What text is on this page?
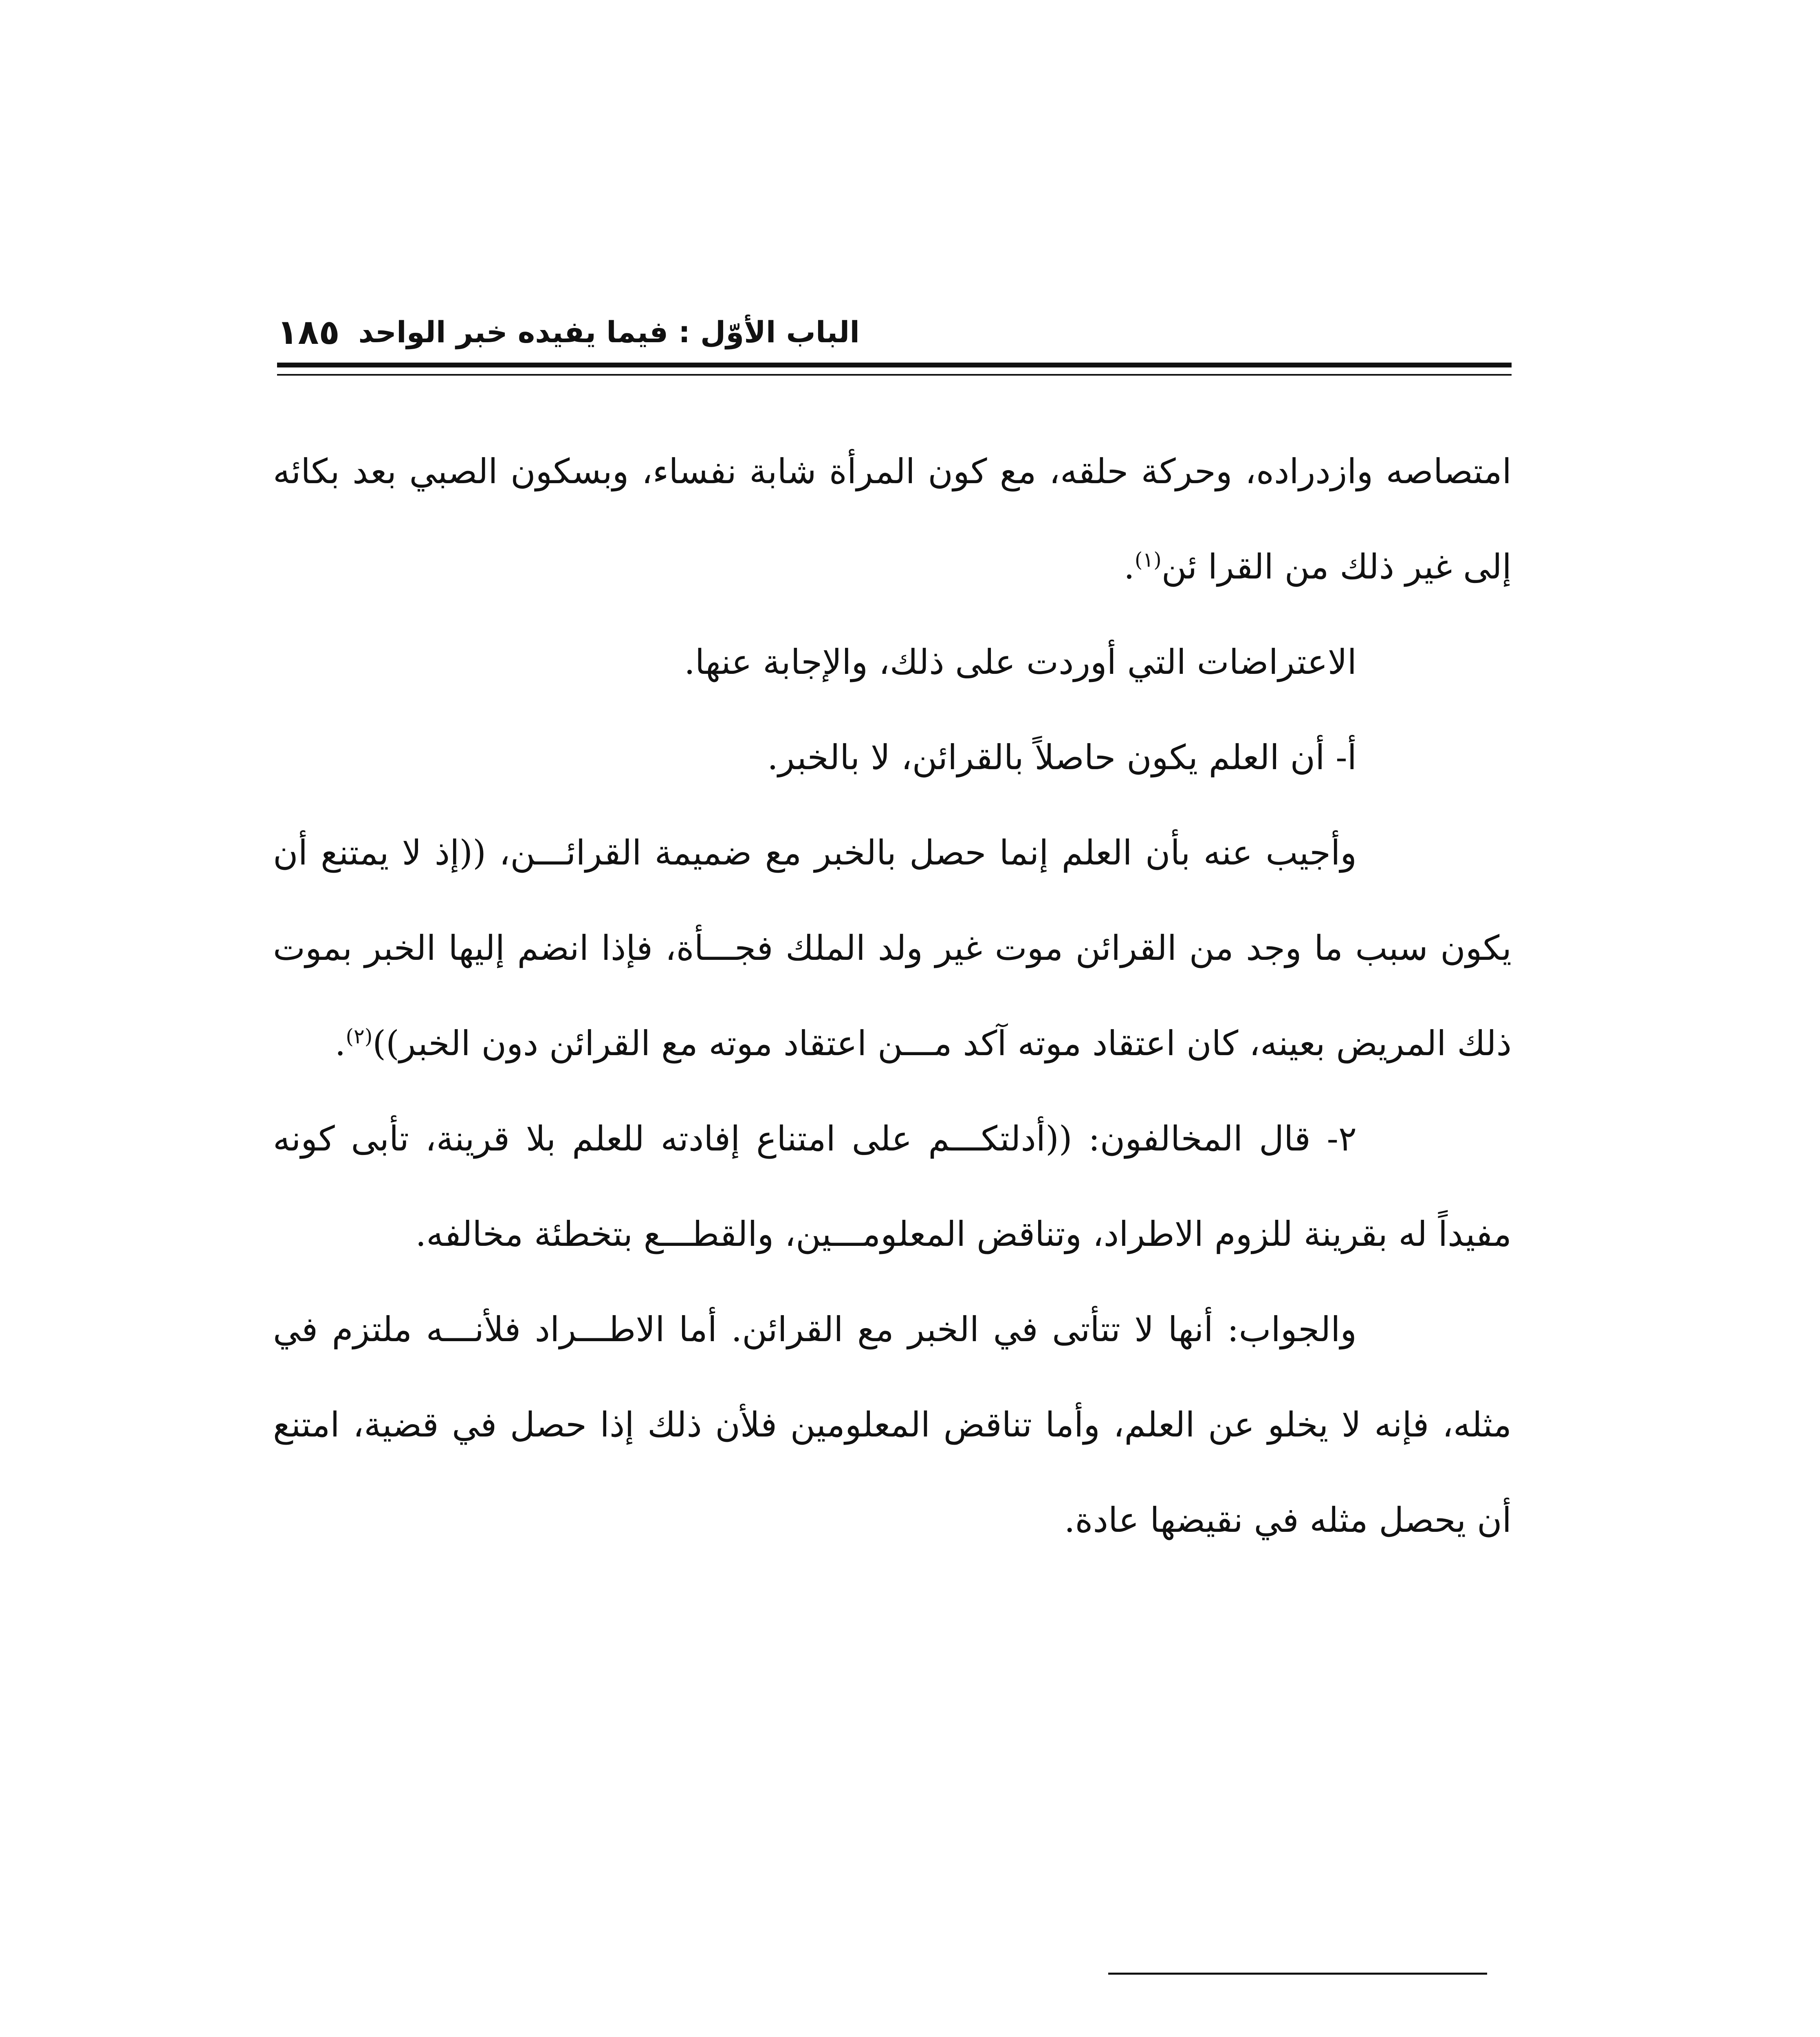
الباب الأوّل : فيما يفيده خبر الواحد
١٨٥

امتصاصه وازدراده، وحركة حلقه، مع كون المرأة شابة نفساء، وبسكون الصبي بعد بكائه إلى غير ذلك من القرا ئن$^{(١)}$.

الاعتراضات التي أوردت على ذلك، والإجابة عنها.

أ- أن العلم يكون حاصلاً بالقرائن، لا بالخبر.

وأجيب عنه بأن العلم إنما حصل بالخبر مع ضميمة القرائـــن، ((إذ لا يمتنع أن يكون سبب ما وجد من القرائن موت غير ولد الملك فجـــأة، فإذا انضم إليها الخبر بموت ذلك المريض بعينه، كان اعتقاد موته آكد مـــن اعتقاد موته مع القرائن دون الخبر))$^{(٢)}$.

٢- قال المخالفون: ((أدلتكـــم على امتناع إفادته للعلم بلا قرينة، تأبى كونه مفيداً له بقرينة للزوم الاطراد، وتناقض المعلومـــين، والقطـــع بتخطئة مخالفه.

والجواب: أنها لا تتأتى في الخبر مع القرائن. أما الاطـــراد فلأنـــه ملتزم في مثله، فإنه لا يخلو عن العلم، وأما تناقض المعلومين فلأن ذلك إذا حصل في قضية، امتنع أن يحصل مثله في نقيضها عادة.
